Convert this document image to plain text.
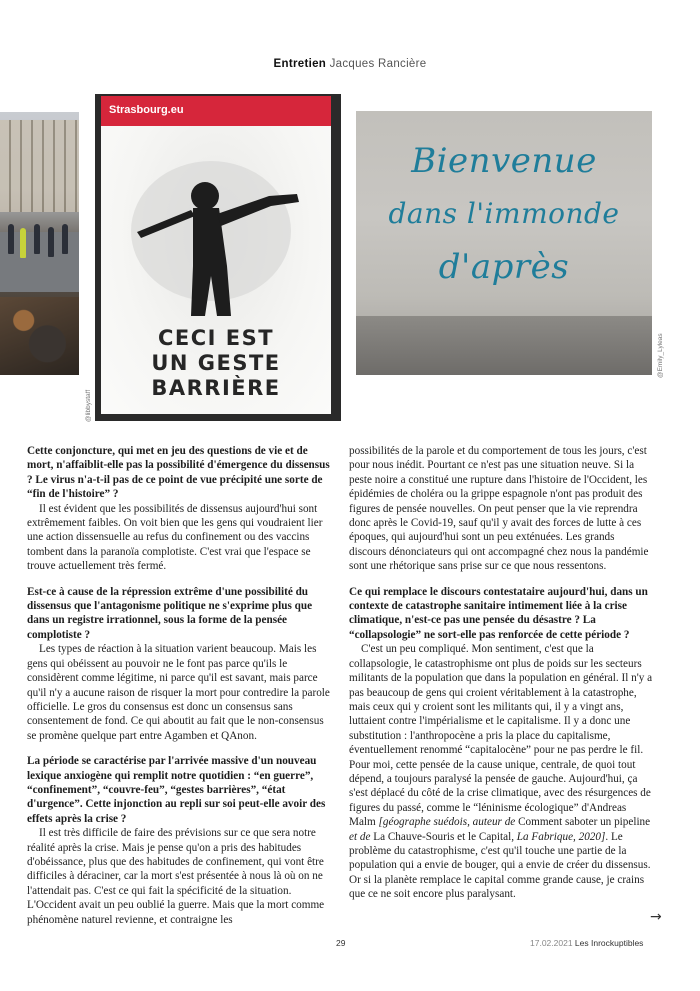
Entretien Jacques Rancière
Strasbourg.eu
CECI EST
UN GESTE
BARRIÈRE
@libbystaff
Bienvenue
dans l'immonde
d'après
@Emily_Lyleas

Cette conjoncture, qui met en jeu des questions de vie et de mort, n'affaiblit-elle pas la possibilité d'émergence du dissensus ? Le virus n'a-t-il pas de ce point de vue précipité une sorte de “fin de l'histoire” ?

Il est évident que les possibilités de dissensus aujourd'hui sont extrêmement faibles. On voit bien que les gens qui voudraient lier une action dissensuelle au refus du confinement ou des vaccins tombent dans la paranoïa complotiste. C'est vrai que l'espace se trouve actuellement très fermé.

Est-ce à cause de la répression extrême d'une possibilité du dissensus que l'antagonisme politique ne s'exprime plus que dans un registre irrationnel, sous la forme de la pensée complotiste ?

Les types de réaction à la situation varient beaucoup. Mais les gens qui obéissent au pouvoir ne le font pas parce qu'ils le considèrent comme légitime, ni parce qu'il est savant, mais parce qu'il n'y a aucune raison de risquer la mort pour contredire la parole officielle. Le gros du consensus est donc un consensus sans consentement de fond. Ce qui aboutit au fait que le non-consensus se promène quelque part entre Agamben et QAnon.

La période se caractérise par l'arrivée massive d'un nouveau lexique anxiogène qui remplit notre quotidien : “en guerre”, “confinement”, “couvre-feu”, “gestes barrières”, “état d'urgence”. Cette injonction au repli sur soi peut-elle avoir des effets après la crise ?

Il est très difficile de faire des prévisions sur ce que sera notre réalité après la crise. Mais je pense qu'on a pris des habitudes d'obéissance, plus que des habitudes de confinement, qui vont être difficiles à déraciner, car la mort s'est présentée à nous là où on ne l'attendait pas. C'est ce qui fait la spécificité de la situation. L'Occident avait un peu oublié la guerre. Mais que la mort comme phénomène naturel revienne, et contraigne les

possibilités de la parole et du comportement de tous les jours, c'est pour nous inédit. Pourtant ce n'est pas une situation neuve. Si la peste noire a constitué une rupture dans l'histoire de l'Occident, les épidémies de choléra ou la grippe espagnole n'ont pas produit des figures de pensée nouvelles. On peut penser que la vie reprendra donc après le Covid-19, sauf qu'il y avait des forces de lutte à ces époques, qui aujourd'hui sont un peu exténuées. Les grands discours dénonciateurs qui ont accompagné chez nous la pandémie sont une rhétorique sans prise sur ce que nous ressentons.

Ce qui remplace le discours contestataire aujourd'hui, dans un contexte de catastrophe sanitaire intimement liée à la crise climatique, n'est-ce pas une pensée du désastre ? La “collapsologie” ne sort-elle pas renforcée de cette période ?

C'est un peu compliqué. Mon sentiment, c'est que la collapsologie, le catastrophisme ont plus de poids sur les secteurs militants de la population que dans la population en général. Il n'y a pas beaucoup de gens qui croient véritablement à la catastrophe, mais ceux qui y croient sont les militants qui, il y a vingt ans, luttaient contre l'impérialisme et le capitalisme. Il y a donc une substitution : l'anthropocène a pris la place du capitalisme, éventuellement renommé “capitalocène” pour ne pas perdre le fil. Pour moi, cette pensée de la cause unique, centrale, de quoi tout dépend, a toujours paralysé la pensée de gauche. Aujourd'hui, ça s'est déplacé du côté de la crise climatique, avec des résurgences de figures du passé, comme le “léninisme écologique” d'Andreas Malm [géographe suédois, auteur de Comment saboter un pipeline et de La Chauve-Souris et le Capital, La Fabrique, 2020]. Le problème du catastrophisme, c'est qu'il touche une partie de la population qui a envie de bouger, qui a envie de créer du dissensus. Or si la planète remplace le capital comme grande cause, je crains que ce ne soit encore plus paralysant.

→
29	17.02.2021 Les Inrockuptibles
